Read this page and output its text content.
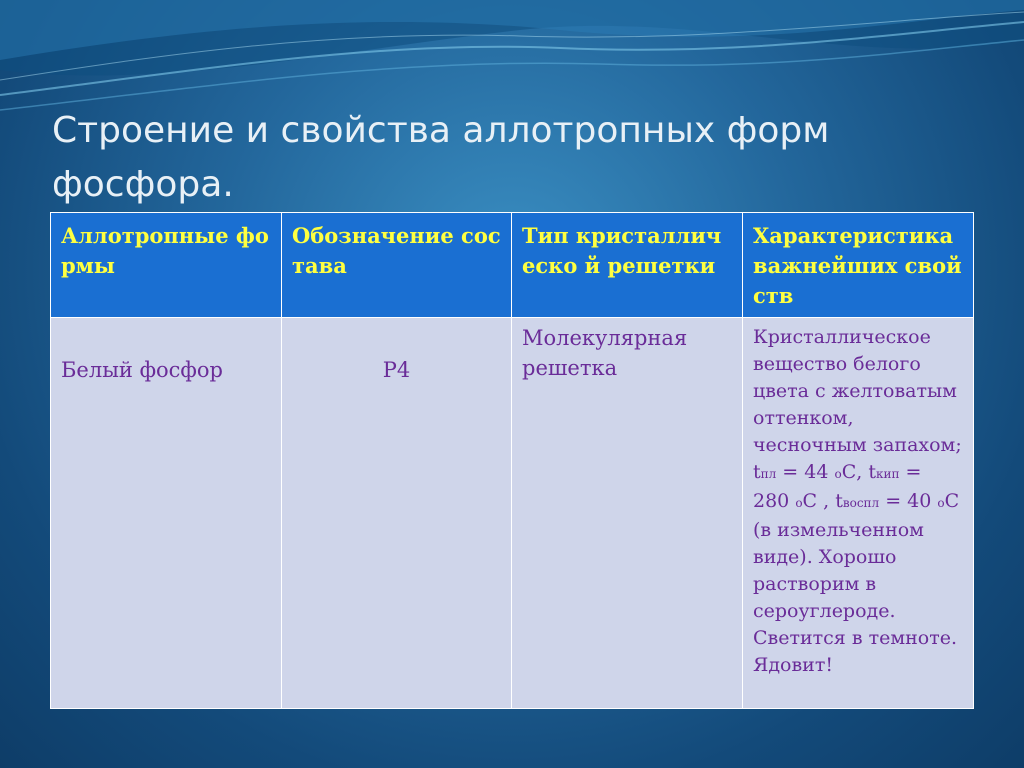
Строение и свойства аллотропных форм фосфора.
Аллотропные формы	Обозначение состава	Тип кристаллическо й решетки	Характеристика важнейших свойств
Белый фосфор	P4	Молекулярная решетка	Кристаллическое вещество белого цвета с желтоватым оттенком, чесночным запахом; tпл = 44 оС, tкип = 280 оС , tвоспл = 40 оС (в измельченном виде). Хорошо растворим в сероуглероде. Светится в темноте. Ядовит!
